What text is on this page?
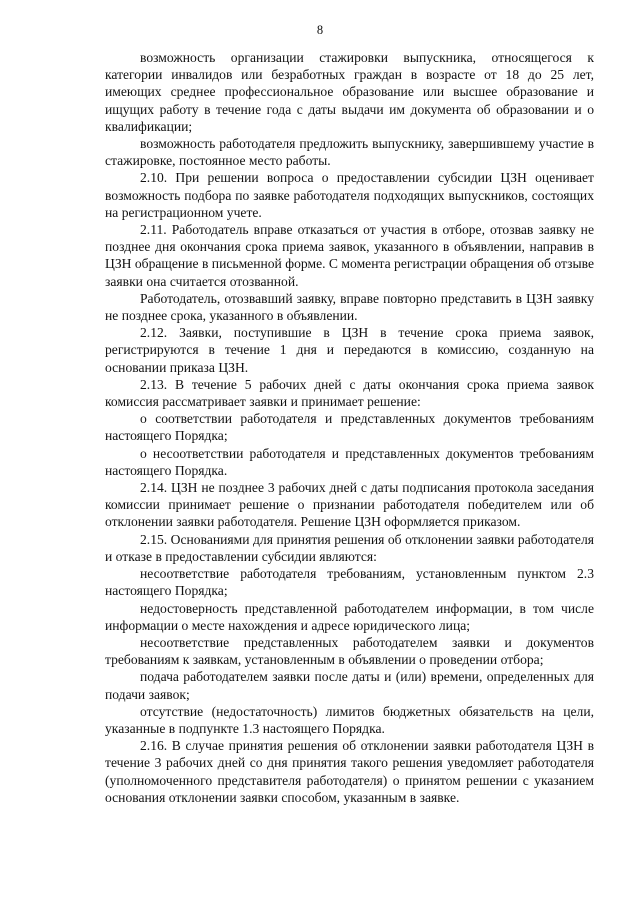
8

возможность организации стажировки выпускника, относящегося к категории инвалидов или безработных граждан в возрасте от 18 до 25 лет, имеющих среднее профессиональное образование или высшее образование и ищущих работу в течение года с даты выдачи им документа об образовании и о квалификации;

возможность работодателя предложить выпускнику, завершившему участие в стажировке, постоянное место работы.

2.10. При решении вопроса о предоставлении субсидии ЦЗН оценивает возможность подбора по заявке работодателя подходящих выпускников, состоящих на регистрационном учете.

2.11. Работодатель вправе отказаться от участия в отборе, отозвав заявку не позднее дня окончания срока приема заявок, указанного в объявлении, направив в ЦЗН обращение в письменной форме. С момента регистрации обращения об отзыве заявки она считается отозванной.

Работодатель, отозвавший заявку, вправе повторно представить в ЦЗН заявку не позднее срока, указанного в объявлении.

2.12. Заявки, поступившие в ЦЗН в течение срока приема заявок, регистрируются в течение 1 дня и передаются в комиссию, созданную на основании приказа ЦЗН.

2.13. В течение 5 рабочих дней с даты окончания срока приема заявок комиссия рассматривает заявки и принимает решение:

о соответствии работодателя и представленных документов требованиям настоящего Порядка;

о несоответствии работодателя и представленных документов требованиям настоящего Порядка.

2.14. ЦЗН не позднее 3 рабочих дней с даты подписания протокола заседания комиссии принимает решение о признании работодателя победителем или об отклонении заявки работодателя. Решение ЦЗН оформляется приказом.

2.15. Основаниями для принятия решения об отклонении заявки работодателя и отказе в предоставлении субсидии являются:

несоответствие работодателя требованиям, установленным пунктом 2.3 настоящего Порядка;

недостоверность представленной работодателем информации, в том числе информации о месте нахождения и адресе юридического лица;

несоответствие представленных работодателем заявки и документов требованиям к заявкам, установленным в объявлении о проведении отбора;

подача работодателем заявки после даты и (или) времени, определенных для подачи заявок;

отсутствие (недостаточность) лимитов бюджетных обязательств на цели, указанные в подпункте 1.3 настоящего Порядка.

2.16. В случае принятия решения об отклонении заявки работодателя ЦЗН в течение 3 рабочих дней со дня принятия такого решения уведомляет работодателя (уполномоченного представителя работодателя) о принятом решении с указанием основания отклонении заявки способом, указанным в заявке.
